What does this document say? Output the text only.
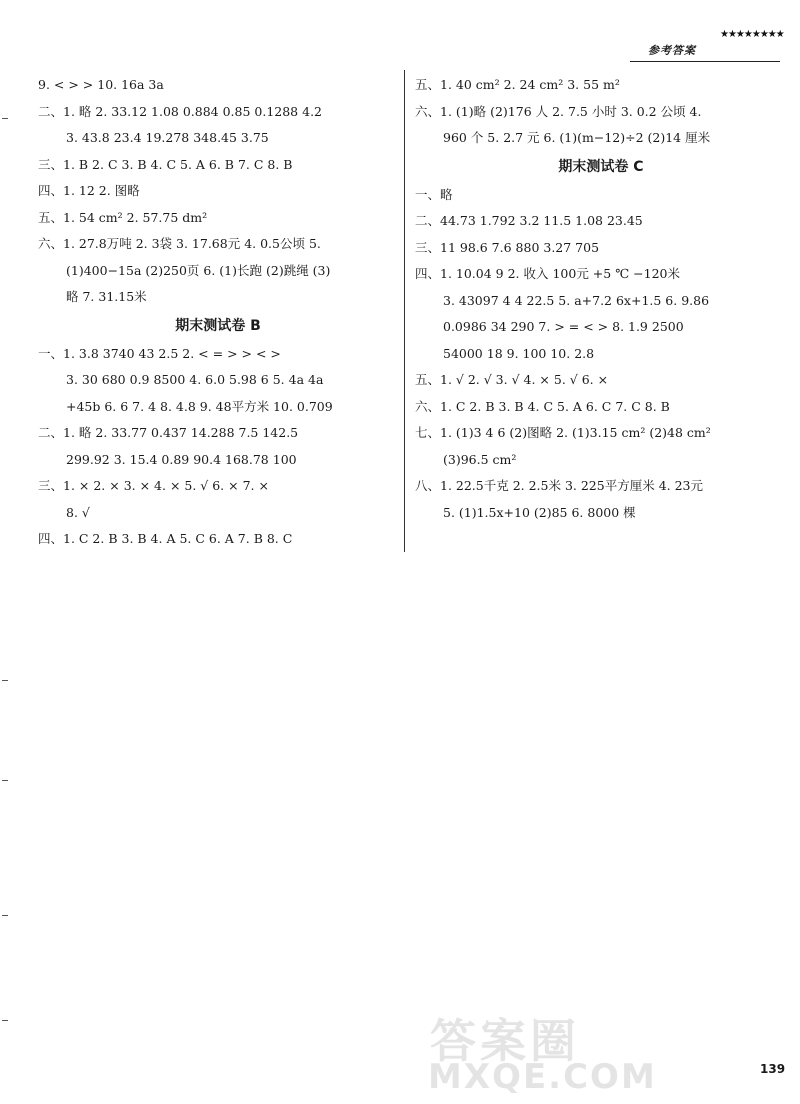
参考答案
★★★★★★★★
9. < > > 10. 16a 3a
二、1. 略 2. 33.12 1.08 0.884 0.85 0.1288 4.2
3. 43.8 23.4 19.278 348.45 3.75
三、1. B 2. C 3. B 4. C 5. A 6. B 7. C 8. B
四、1. 12 2. 图略
五、1. 54 cm² 2. 57.75 dm²
六、1. 27.8万吨 2. 3袋 3. 17.68元 4. 0.5公顷 5.
(1)400−15a (2)250页 6. (1)长跑 (2)跳绳 (3)
略 7. 31.15米
期末测试卷 B
一、1. 3.8 3740 43 2.5 2. < = > > < >
3. 30 680 0.9 8500 4. 6.0 5.98 6 5. 4a 4a
+45b 6. 6 7. 4 8. 4.8 9. 48平方米 10. 0.709
二、1. 略 2. 33.77 0.437 14.288 7.5 142.5
299.92 3. 15.4 0.89 90.4 168.78 100
三、1. × 2. × 3. × 4. × 5. √ 6. × 7. ×
8. √
四、1. C 2. B 3. B 4. A 5. C 6. A 7. B 8. C
五、1. 40 cm² 2. 24 cm² 3. 55 m²
六、1. (1)略 (2)176 人 2. 7.5 小时 3. 0.2 公顷 4.
960 个 5. 2.7 元 6. (1)(m−12)÷2 (2)14 厘米
期末测试卷 C
一、略
二、44.73 1.792 3.2 11.5 1.08 23.45
三、11 98.6 7.6 880 3.27 705
四、1. 10.04 9 2. 收入 100元 +5 ℃ −120米
3. 43097 4 4 22.5 5. a+7.2 6x+1.5 6. 9.86
0.0986 34 290 7. > = < > 8. 1.9 2500
54000 18 9. 100 10. 2.8
五、1. √ 2. √ 3. √ 4. × 5. √ 6. ×
六、1. C 2. B 3. B 4. C 5. A 6. C 7. C 8. B
七、1. (1)3 4 6 (2)图略 2. (1)3.15 cm² (2)48 cm²
(3)96.5 cm²
八、1. 22.5千克 2. 2.5米 3. 225平方厘米 4. 23元
5. (1)1.5x+10 (2)85 6. 8000 棵
答案圈
MXQE.COM	139
